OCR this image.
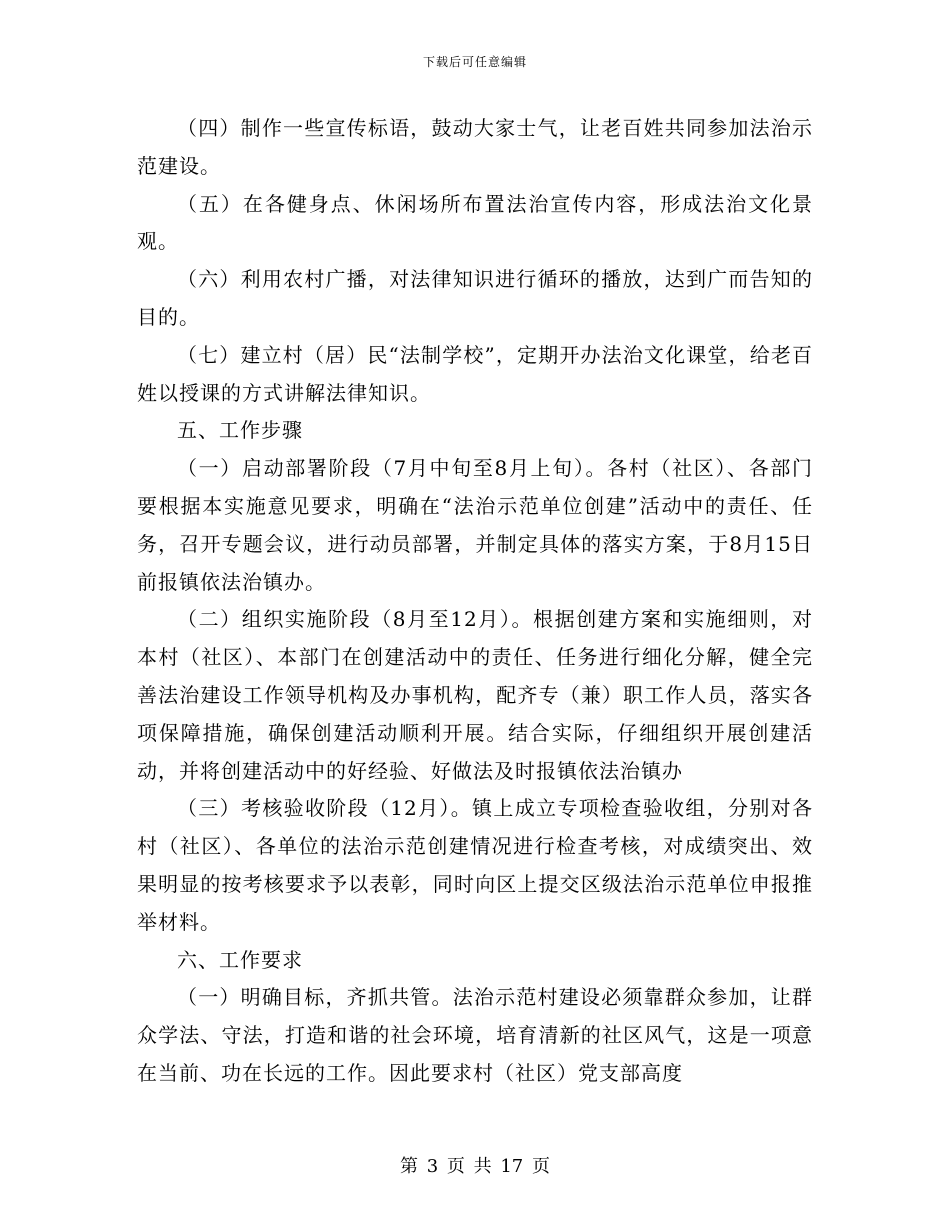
下载后可任意编辑

（四）制作一些宣传标语，鼓动大家士气，让老百姓共同参加法治示范建设。

（五）在各健身点、休闲场所布置法治宣传内容，形成法治文化景观。

（六）利用农村广播，对法律知识进行循环的播放，达到广而告知的目的。

（七）建立村（居）民“法制学校”，定期开办法治文化课堂，给老百姓以授课的方式讲解法律知识。

五、工作步骤

（一）启动部署阶段（7月中旬至8月上旬）。各村（社区）、各部门要根据本实施意见要求，明确在“法治示范单位创建”活动中的责任、任务，召开专题会议，进行动员部署，并制定具体的落实方案，于8月15日前报镇依法治镇办。

（二）组织实施阶段（8月至12月）。根据创建方案和实施细则，对本村（社区）、本部门在创建活动中的责任、任务进行细化分解，健全完善法治建设工作领导机构及办事机构，配齐专（兼）职工作人员，落实各项保障措施，确保创建活动顺利开展。结合实际，仔细组织开展创建活动，并将创建活动中的好经验、好做法及时报镇依法治镇办

（三）考核验收阶段（12月）。镇上成立专项检查验收组，分别对各村（社区）、各单位的法治示范创建情况进行检查考核，对成绩突出、效果明显的按考核要求予以表彰，同时向区上提交区级法治示范单位申报推举材料。

六、工作要求

（一）明确目标，齐抓共管。法治示范村建设必须靠群众参加，让群众学法、守法，打造和谐的社会环境，培育清新的社区风气，这是一项意在当前、功在长远的工作。因此要求村（社区）党支部高度

第 3 页 共 17 页
